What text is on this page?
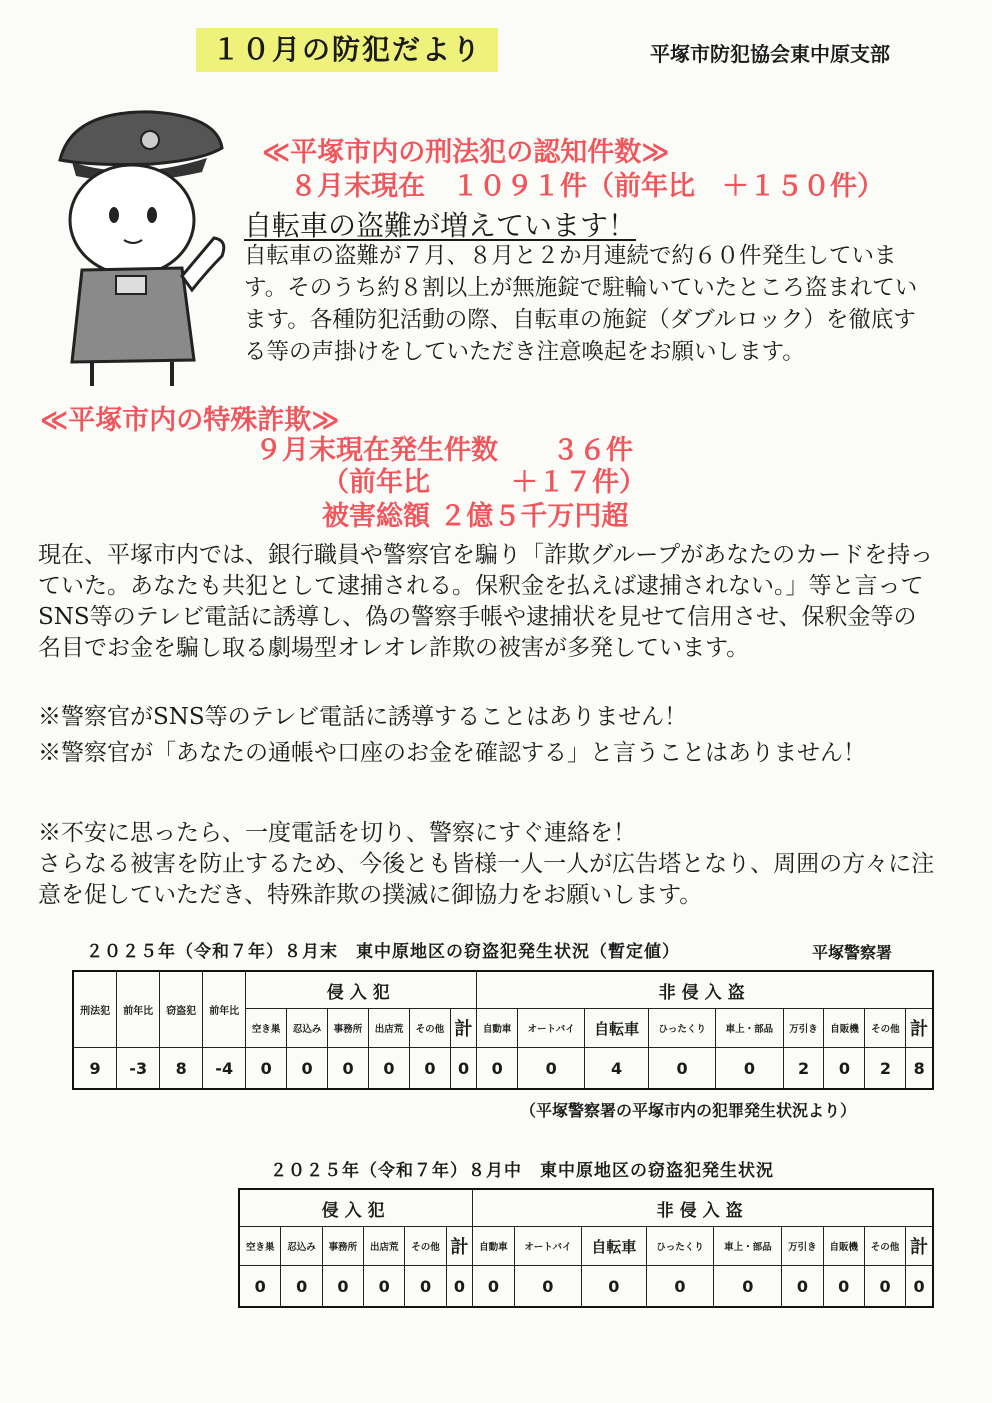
１０月の防犯だより	平塚市防犯協会東中原支部
≪平塚市内の刑法犯の認知件数≫
８月末現在　１０９１件（前年比　＋１５０件）
自転車の盗難が増えています！
自転車の盗難が７月、８月と２か月連続で約６０件発生しています。そのうち約８割以上が無施錠で駐輪いていたところ盗まれています。各種防犯活動の際、自転車の施錠（ダブルロック）を徹底する等の声掛けをしていただき注意喚起をお願いします。
≪平塚市内の特殊詐欺≫
９月末現在発生件数　　３６件
（前年比　　　＋１７件）
被害総額 ２億５千万円超
現在、平塚市内では、銀行職員や警察官を騙り「詐欺グループがあなたのカードを持っていた。あなたも共犯として逮捕される。保釈金を払えば逮捕されない。」等と言ってSNS等のテレビ電話に誘導し、偽の警察手帳や逮捕状を見せて信用させ、保釈金等の名目でお金を騙し取る劇場型オレオレ詐欺の被害が多発しています。
※警察官がSNS等のテレビ電話に誘導することはありません！
※警察官が「あなたの通帳や口座のお金を確認する」と言うことはありません！
※不安に思ったら、一度電話を切り、警察にすぐ連絡を！
さらなる被害を防止するため、今後とも皆様一人一人が広告塔となり、周囲の方々に注意を促していただき、特殊詐欺の撲滅に御協力をお願いします。
２０２５年（令和７年）８月末　東中原地区の窃盗犯発生状況（暫定値）	平塚警察署
刑法犯	前年比	窃盗犯	前年比	侵入犯						非侵入盗								
				空き巣	忍込み	事務所	出店荒	その他	計	自動車	オートバイ	自転車	ひったくり	車上・部品	万引き	自販機	その他	計
9	-3	8	-4	0	0	0	0	0	0	0	0	4	0	0	2	0	2	8
（平塚警察署の平塚市内の犯罪発生状況より）
２０２５年（令和７年）８月中　東中原地区の窃盗犯発生状況
侵入犯						非侵入盗								
空き巣	忍込み	事務所	出店荒	その他	計	自動車	オートバイ	自転車	ひったくり	車上・部品	万引き	自販機	その他	計
0	0	0	0	0	0	0	0	0	0	0	0	0	0	0
